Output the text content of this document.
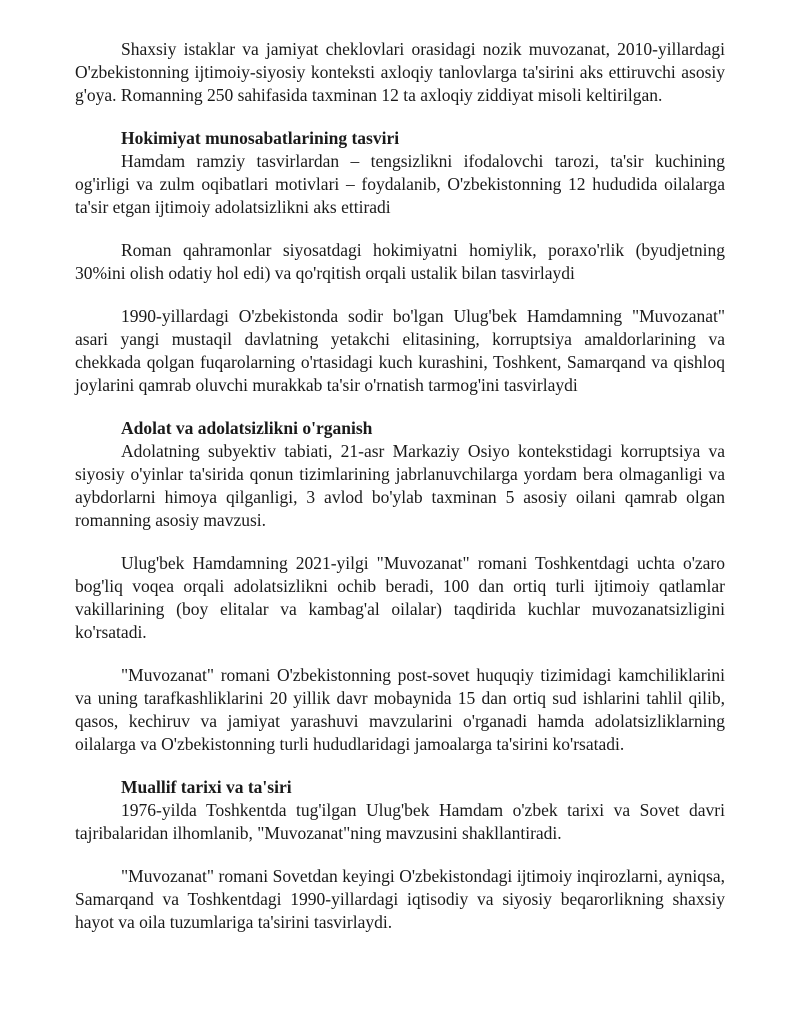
Shaxsiy istaklar va jamiyat cheklovlari orasidagi nozik muvozanat, 2010-yillardagi O'zbekistonning ijtimoiy-siyosiy konteksti axloqiy tanlovlarga ta'sirini aks ettiruvchi asosiy g'oya. Romanning 250 sahifasida taxminan 12 ta axloqiy ziddiyat misoli keltirilgan.

Hokimiyat munosabatlarining tasviri

Hamdam ramziy tasvirlardan – tengsizlikni ifodalovchi tarozi, ta'sir kuchining og'irligi va zulm oqibatlari motivlari – foydalanib, O'zbekistonning 12 hududida oilalarga ta'sir etgan ijtimoiy adolatsizlikni aks ettiradi

Roman qahramonlar siyosatdagi hokimiyatni homiylik, poraxo'rlik (byudjetning 30%ini olish odatiy hol edi) va qo'rqitish orqali ustalik bilan tasvirlaydi

1990-yillardagi O'zbekistonda sodir bo'lgan Ulug'bek Hamdamning "Muvozanat" asari yangi mustaqil davlatning yetakchi elitasining, korruptsiya amaldorlarining va chekkada qolgan fuqarolarning o'rtasidagi kuch kurashini, Toshkent, Samarqand va qishloq joylarini qamrab oluvchi murakkab ta'sir o'rnatish tarmog'ini tasvirlaydi

Adolat va adolatsizlikni o'rganish

Adolatning subyektiv tabiati, 21-asr Markaziy Osiyo kontekstidagi korruptsiya va siyosiy o'yinlar ta'sirida qonun tizimlarining jabrlanuvchilarga yordam bera olmaganligi va aybdorlarni himoya qilganligi, 3 avlod bo'ylab taxminan 5 asosiy oilani qamrab olgan romanning asosiy mavzusi.

Ulug'bek Hamdamning 2021-yilgi "Muvozanat" romani Toshkentdagi uchta o'zaro bog'liq voqea orqali adolatsizlikni ochib beradi, 100 dan ortiq turli ijtimoiy qatlamlar vakillarining (boy elitalar va kambag'al oilalar) taqdirida kuchlar muvozanatsizligini ko'rsatadi.

"Muvozanat" romani O'zbekistonning post-sovet huquqiy tizimidagi kamchiliklarini va uning tarafkashliklarini 20 yillik davr mobaynida 15 dan ortiq sud ishlarini tahlil qilib, qasos, kechiruv va jamiyat yarashuvi mavzularini o'rganadi hamda adolatsizliklarning oilalarga va O'zbekistonning turli hududlaridagi jamoalarga ta'sirini ko'rsatadi.

Muallif tarixi va ta'siri

1976-yilda Toshkentda tug'ilgan Ulug'bek Hamdam o'zbek tarixi va Sovet davri tajribalaridan ilhomlanib, "Muvozanat"ning mavzusini shakllantiradi.

"Muvozanat" romani Sovetdan keyingi O'zbekistondagi ijtimoiy inqirozlarni, ayniqsa, Samarqand va Toshkentdagi 1990-yillardagi iqtisodiy va siyosiy beqarorlikning shaxsiy hayot va oila tuzumlariga ta'sirini tasvirlaydi.
